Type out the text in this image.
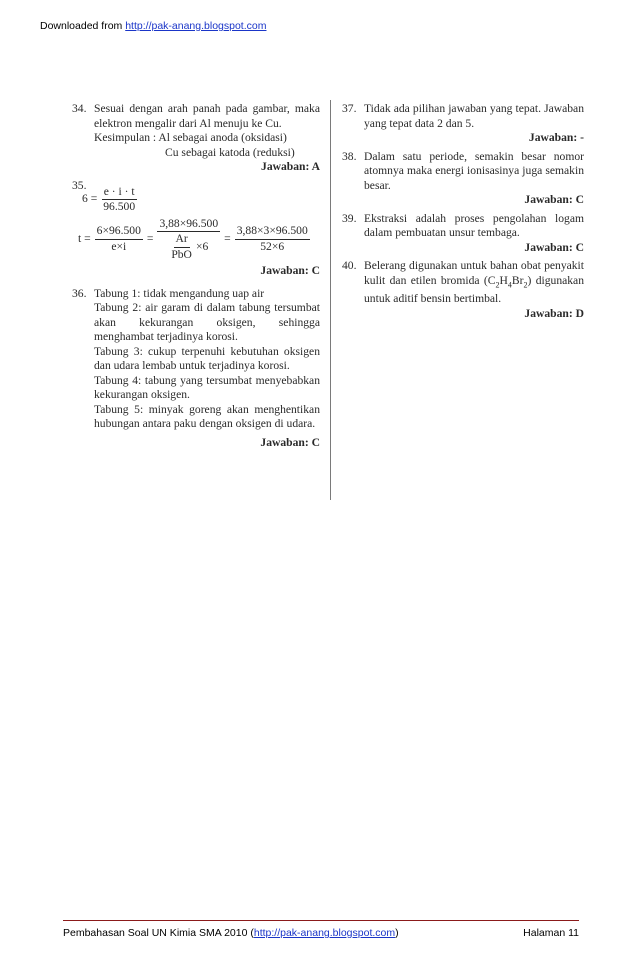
Downloaded from http://pak-anang.blogspot.com
34. Sesuai dengan arah panah pada gambar, maka elektron mengalir dari Al menuju ke Cu.
Kesimpulan : Al sebagai anoda (oksidasi)
Cu sebagai katoda (reduksi)
Jawaban: A
35.
$6 = \frac{e \cdot i \cdot t}{96.500}$
$t = \frac{6\times 96.500}{e\times i} = \frac{3,88\times 96.500}{\frac{Ar}{\text{PbO}} \times 6} = \frac{3,88\times 3\times 96.500}{52\times 6}$
Jawaban: C
36. Tabung 1: tidak mengandung uap air
Tabung 2: air garam di dalam tabung tersumbat akan kekurangan oksigen, sehingga menghambat terjadinya korosi.
Tabung 3: cukup terpenuhi kebutuhan oksigen dan udara lembab untuk terjadinya korosi.
Tabung 4: tabung yang tersumbat menyebabkan kekurangan oksigen.
Tabung 5: minyak goreng akan menghentikan hubungan antara paku dengan oksigen di udara.
Jawaban: C
37. Tidak ada pilihan jawaban yang tepat. Jawaban yang tepat data 2 dan 5.
Jawaban: -
38. Dalam satu periode, semakin besar nomor atomnya maka energi ionisasinya juga semakin besar.
Jawaban: C
39. Ekstraksi adalah proses pengolahan logam dalam pembuatan unsur tembaga.
Jawaban: C
40. Belerang digunakan untuk bahan obat penyakit kulit dan etilen bromida $(C_2H_4Br_2)$ digunakan untuk aditif bensin bertimbal.
Jawaban: D
Pembahasan Soal UN Kimia SMA 2010 (http://pak-anang.blogspot.com)	Halaman 11
